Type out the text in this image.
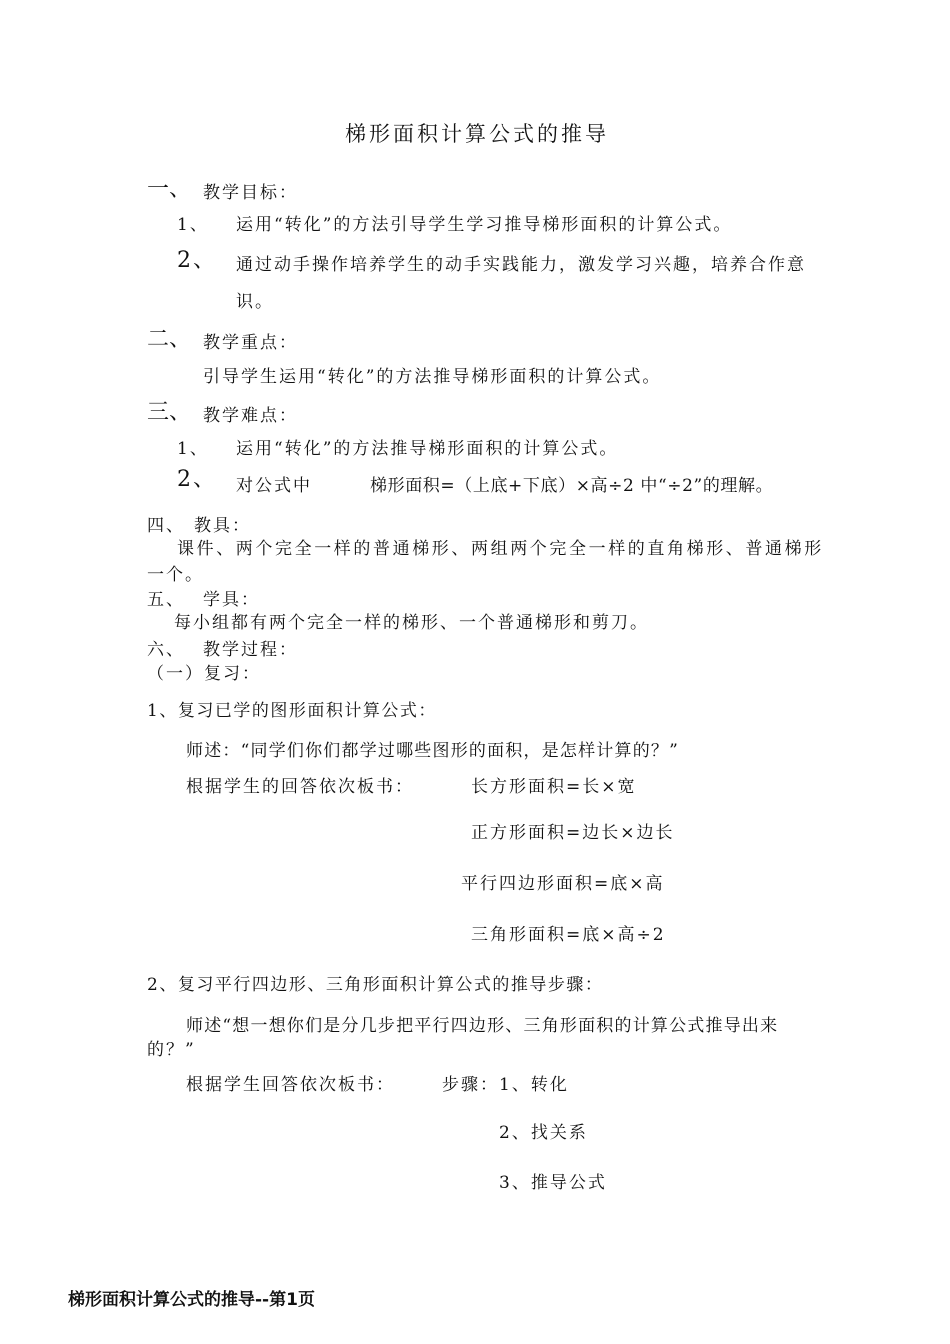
梯形面积计算公式的推导
一、 教学目标：
1、 运用“转化”的方法引导学生学习推导梯形面积的计算公式。
2、 通过动手操作培养学生的动手实践能力，激发学习兴趣，培养合作意
识。
二、 教学重点：
引导学生运用“转化”的方法推导梯形面积的计算公式。
三、 教学难点：
1、 运用“转化”的方法推导梯形面积的计算公式。
2、 对公式中	梯形面积=（上底+下底）×高÷2 中“÷2”的理解。
四、 教具：
课件、两个完全一样的普通梯形、两组两个完全一样的直角梯形、普通梯形
一个。
五、 学具：
每小组都有两个完全一样的梯形、一个普通梯形和剪刀。
六、 教学过程：
（一）复习：
1、复习已学的图形面积计算公式：
师述：“同学们你们都学过哪些图形的面积，是怎样计算的？”
根据学生的回答依次板书：	长方形面积=长×宽
正方形面积=边长×边长
平行四边形面积=底×高
三角形面积=底×高÷2
2、复习平行四边形、三角形面积计算公式的推导步骤：
师述“想一想你们是分几步把平行四边形、三角形面积的计算公式推导出来
的？”
根据学生回答依次板书：	步骤：1、转化
2、找关系
3、推导公式
梯形面积计算公式的推导--第1页
